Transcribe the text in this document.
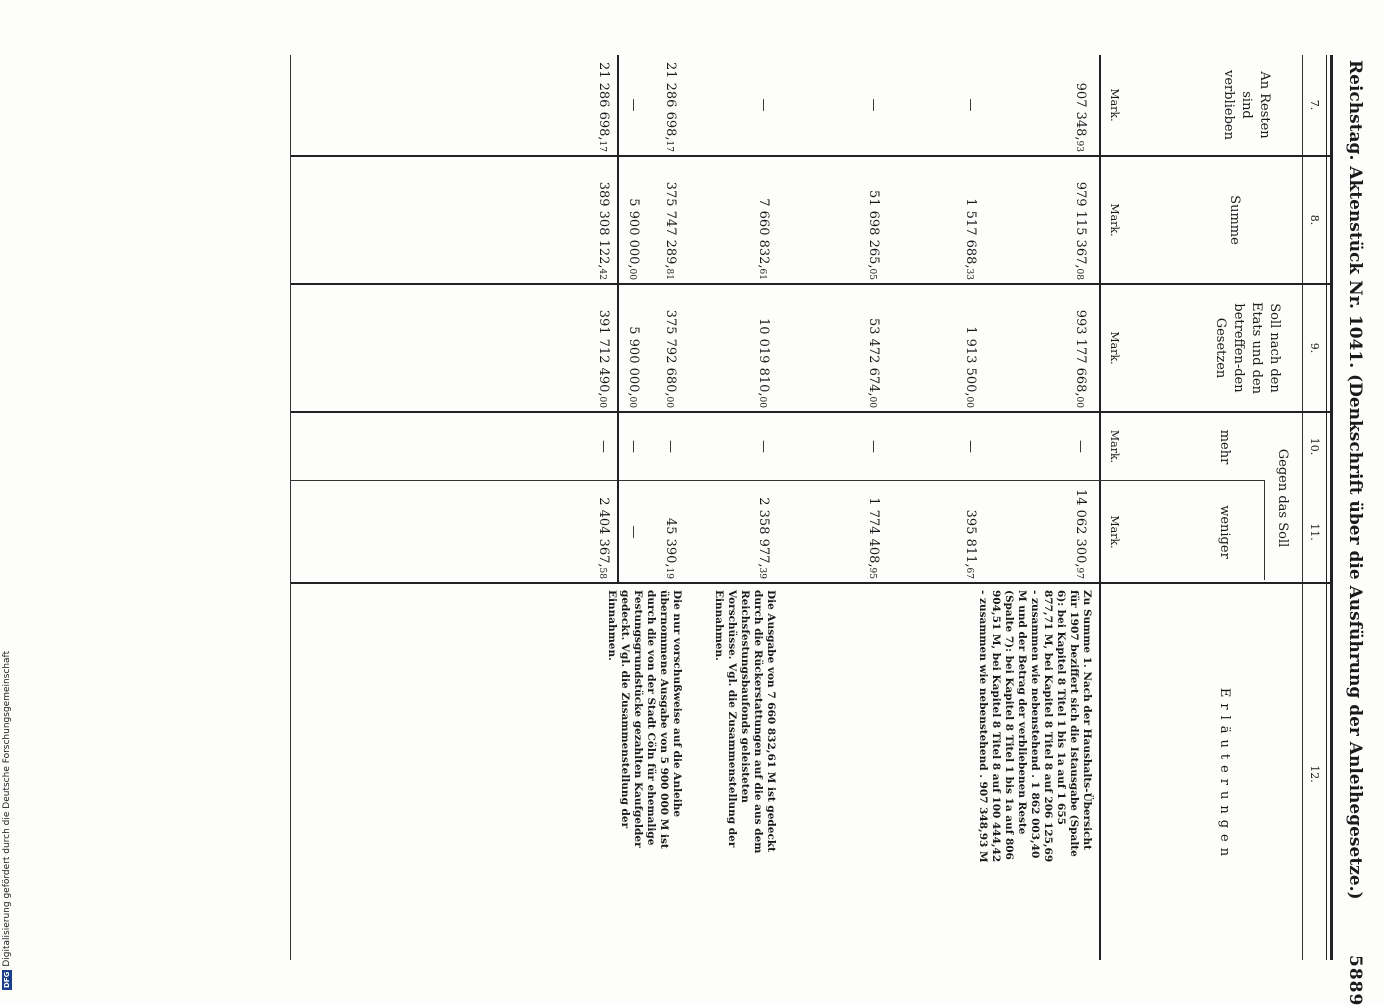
Reichstag. Aktenstück Nr. 1041. (Denkschrift über die Ausführung der Anleihegesetze.)
5889
7.
8.
9.
10.
11.
12.
An Resten sind verblieben
Summe
Soll nach den Etats und den betreffen-den Gesetzen
Gegen das Soll
mehr
weniger
Erläuterungen
Mark.
Mark.
Mark.
Mark.
Mark.
907 348,93
979 115 367,08
993 177 668,00
—
14 062 300,97
Zu Summe 1. Nach der Haushalts-Übersicht für 1907 beziffert sich die Istausgabe (Spalte 6): bei Kapitel 8 Titel 1 bis 1a auf 1 655 877,71 M, bei Kapitel 8 Titel 8 auf 206 125,69 - zusammen wie nebenstehend . 1 862 003,40 M und der Betrag der verbliebenen Reste (Spalte 7): bei Kapitel 8 Titel 1 bis 1a auf 806 904,51 M, bei Kapitel 8 Titel 8 auf 100 444,42 - zusammen wie nebenstehend . 907 348,93 M
—
1 517 688,33
1 913 500,00
—
395 811,67
—
51 698 265,05
53 472 674,00
—
1 774 408,95
—
7 660 832,61
10 019 810,00
—
2 358 977,39
Die Ausgabe von 7 660 832,61 M ist gedeckt durch die Rückerstattungen auf die aus dem Reichsfestungsbaufonds geleisteten Vorschüsse. Vgl. die Zusammenstellung der Einnahmen.
21 286 698,17
375 747 289,81
375 792 680,00
—
45 390,19
—
5 900 000,00
5 900 000,00
—
—
Die nur vorschußweise auf die Anleihe übernommene Ausgabe von 5 900 000 M ist durch die von der Stadt Cöln für ehemalige Festungsgrundstücke gezahlten Kaufgelder gedeckt. Vgl. die Zusammenstellung der Einnahmen.
21 286 698,17
389 308 122,42
391 712 490,00
—
2 404 367,58
DFGDigitalisierung gefördert durch die Deutsche Forschungsgemeinschaft
